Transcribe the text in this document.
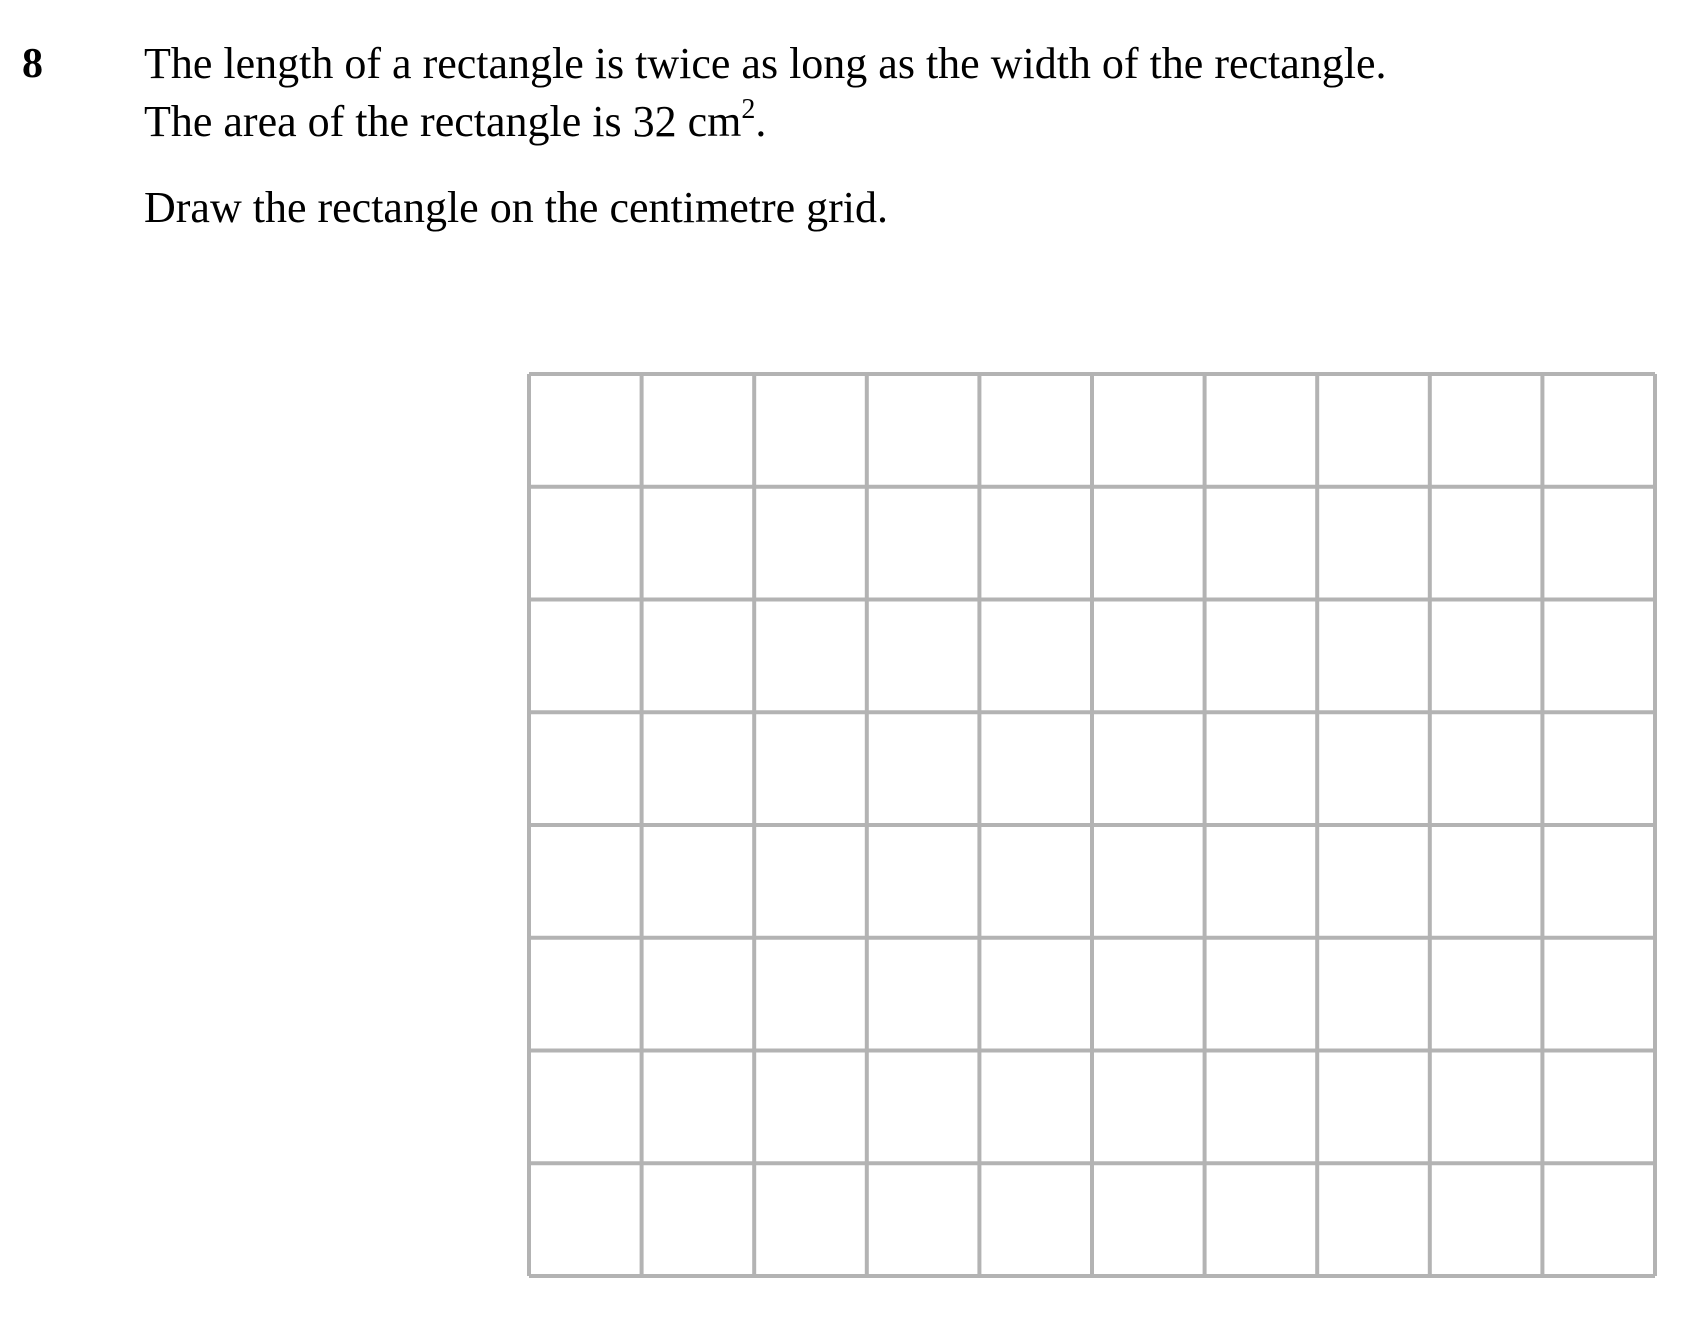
8 The length of a rectangle is twice as long as the width of the rectangle.
The area of the rectangle is 32 $cm^2$.
Draw the rectangle on the centimetre grid.
